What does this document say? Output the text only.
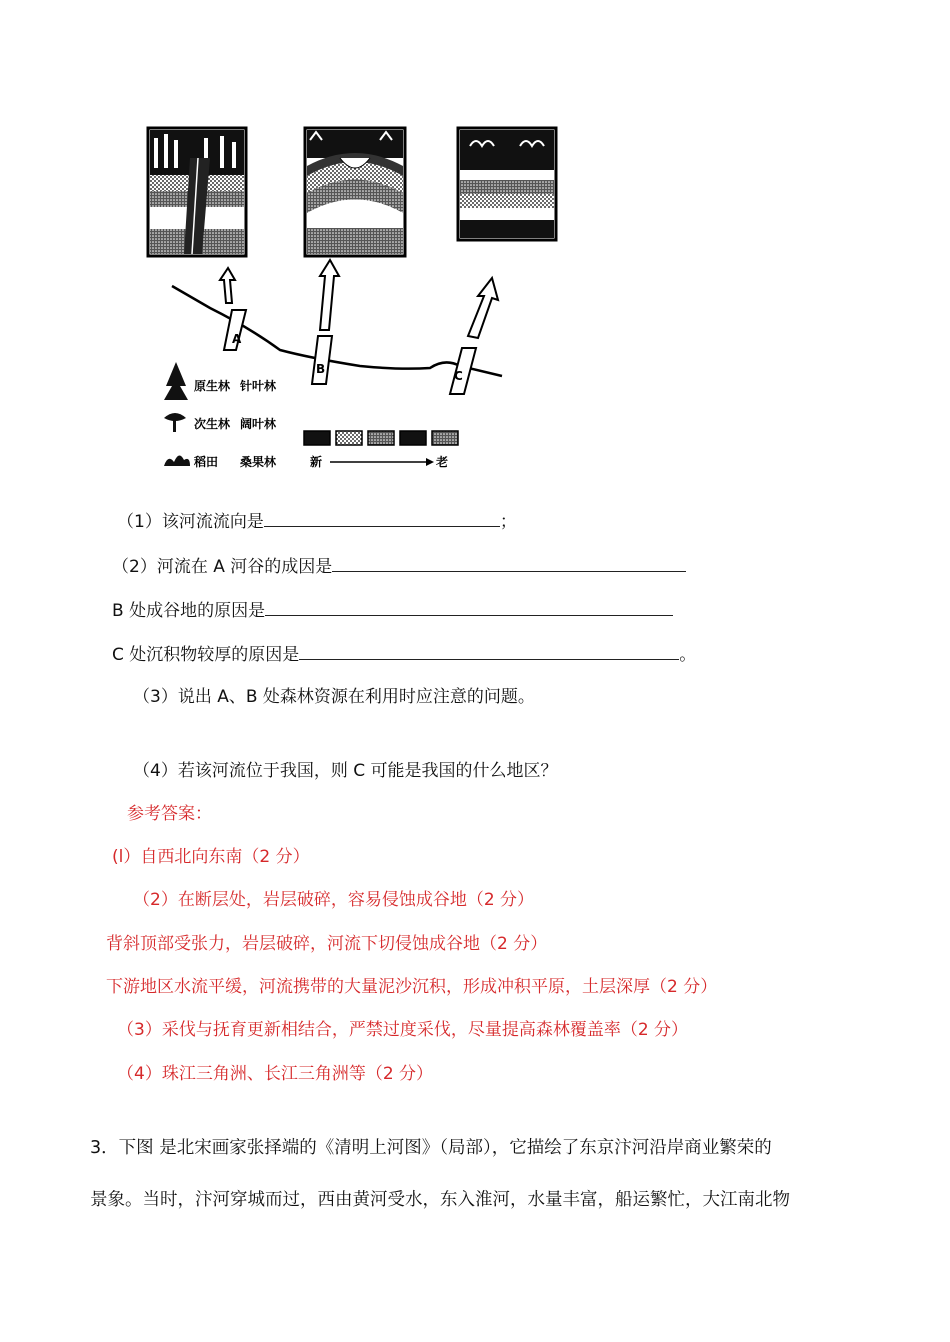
A
B	C
原生林 针叶林
次生林 阔叶林
稻田 桑果林	新	老
（1）该河流流向是	；
（2）河流在 A 河谷的成因是
B 处成谷地的原因是
C 处沉积物较厚的原因是	。
（3）说出 A、B 处森林资源在利用时应注意的问题。
（4）若该河流位于我国，则 C 可能是我国的什么地区？
参考答案：
(l）自西北向东南（2 分）
（2）在断层处，岩层破碎，容易侵蚀成谷地（2 分）
背斜顶部受张力，岩层破碎，河流下切侵蚀成谷地（2 分）
下游地区水流平缓，河流携带的大量泥沙沉积，形成冲积平原，土层深厚（2 分）
（3）采伐与抚育更新相结合，严禁过度采伐，尽量提高森林覆盖率（2 分）
（4）珠江三角洲、长江三角洲等（2 分）
3．下图 是北宋画家张择端的《清明上河图》（局部），它描绘了东京汴河沿岸商业繁荣的
景象。当时，汴河穿城而过，西由黄河受水，东入淮河，水量丰富，船运繁忙，大江南北物
